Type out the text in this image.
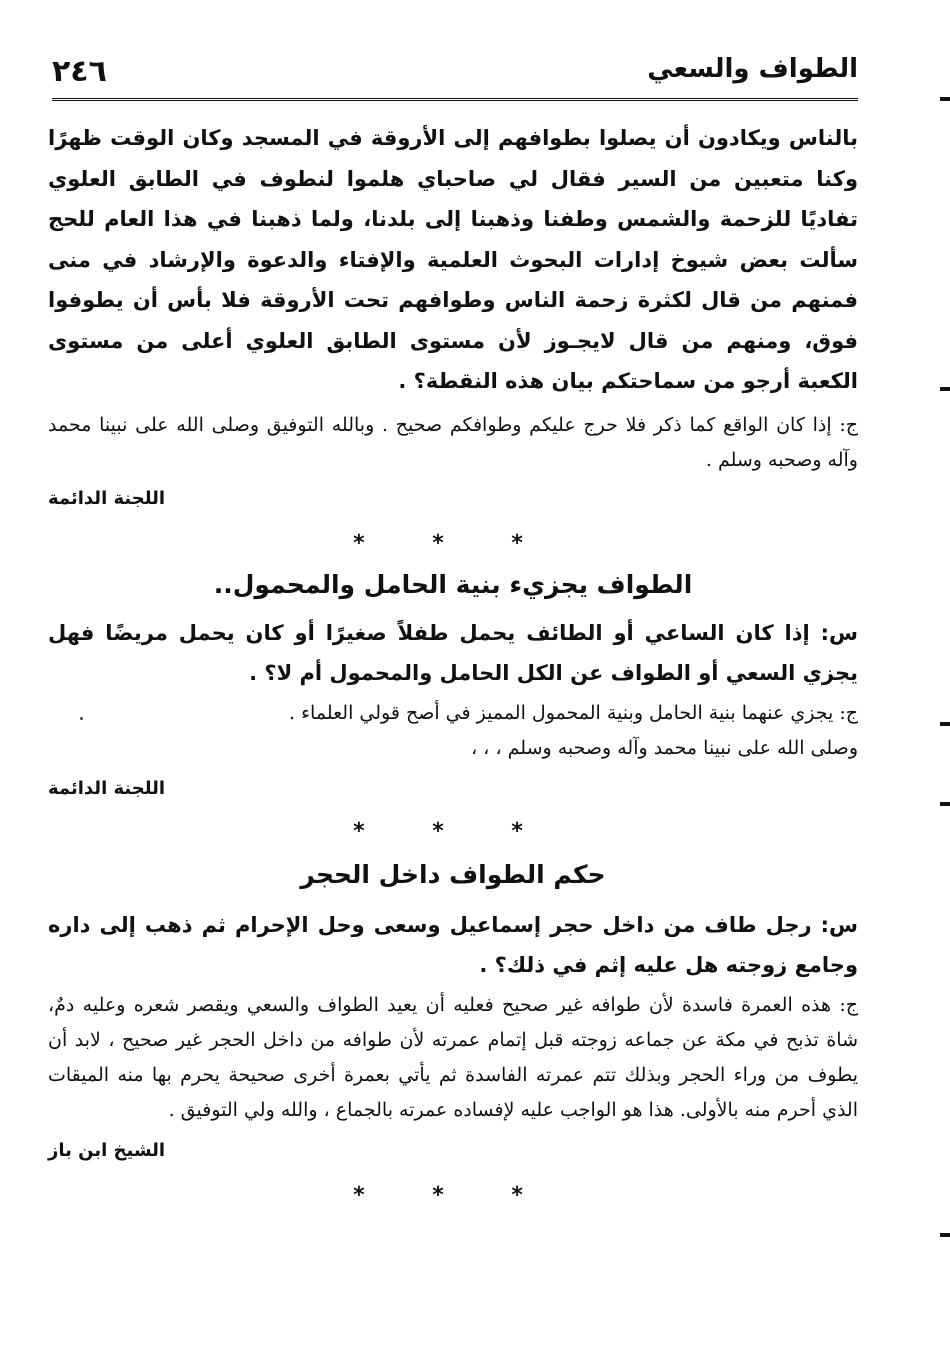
٢٤٦	الطواف والسعي

بالناس ويكادون أن يصلوا بطوافهم إلى الأروقة في المسجد وكان الوقت ظهرًا وكنا متعبين من السير فقال لي صاحباي هلموا لنطوف في الطابق العلوي تفاديًا للزحمة والشمس وطفنا وذهبنا إلى بلدنا، ولما ذهبنا في هذا العام للحج سألت بعض شيوخ إدارات البحوث العلمية والإفتاء والدعوة والإرشاد في منى فمنهم من قال لكثرة زحمة الناس وطوافهم تحت الأروقة فلا بأس أن يطوفوا فوق، ومنهم من قال لايجـوز لأن مستوى الطابق العلوي أعلى من مستوى الكعبة أرجو من سماحتكم بيان هذه النقطة؟ .

ج: إذا كان الواقع كما ذكر فلا حرج عليكم وطوافكم صحيح . وبالله التوفيق وصلى الله على نبينا محمد وآله وصحبه وسلم .

اللجنة الدائمة

* * *

الطواف يجزيء بنية الحامل والمحمول..

س: إذا كان الساعي أو الطائف يحمل طفلاً صغيرًا أو كان يحمل مريضًا فهل يجزي السعي أو الطواف عن الكل الحامل والمحمول أم لا؟ .

ج: يجزي عنهما بنية الحامل وبنية المحمول المميز في أصح قولي العلماء .

وصلى الله على نبينا محمد وآله وصحبه وسلم ، ، ،

اللجنة الدائمة

* * *

حكم الطواف داخل الحجر

س: رجل طاف من داخل حجر إسماعيل وسعى وحل الإحرام ثم ذهب إلى داره وجامع زوجته هل عليه إثم في ذلك؟ .

ج: هذه العمرة فاسدة لأن طوافه غير صحيح فعليه أن يعيد الطواف والسعي ويقصر شعره وعليه دمٌ، شاة تذبح في مكة عن جماعه زوجته قبل إتمام عمرته لأن طوافه من داخل الحجر غير صحيح ، لابد أن يطوف من وراء الحجر وبذلك تتم عمرته الفاسدة ثم يأتي بعمرة أخرى صحيحة يحرم بها منه الميقات الذي أحرم منه بالأولى. هذا هو الواجب عليه لإفساده عمرته بالجماع ، والله ولي التوفيق .

الشيخ ابن باز

* * *
